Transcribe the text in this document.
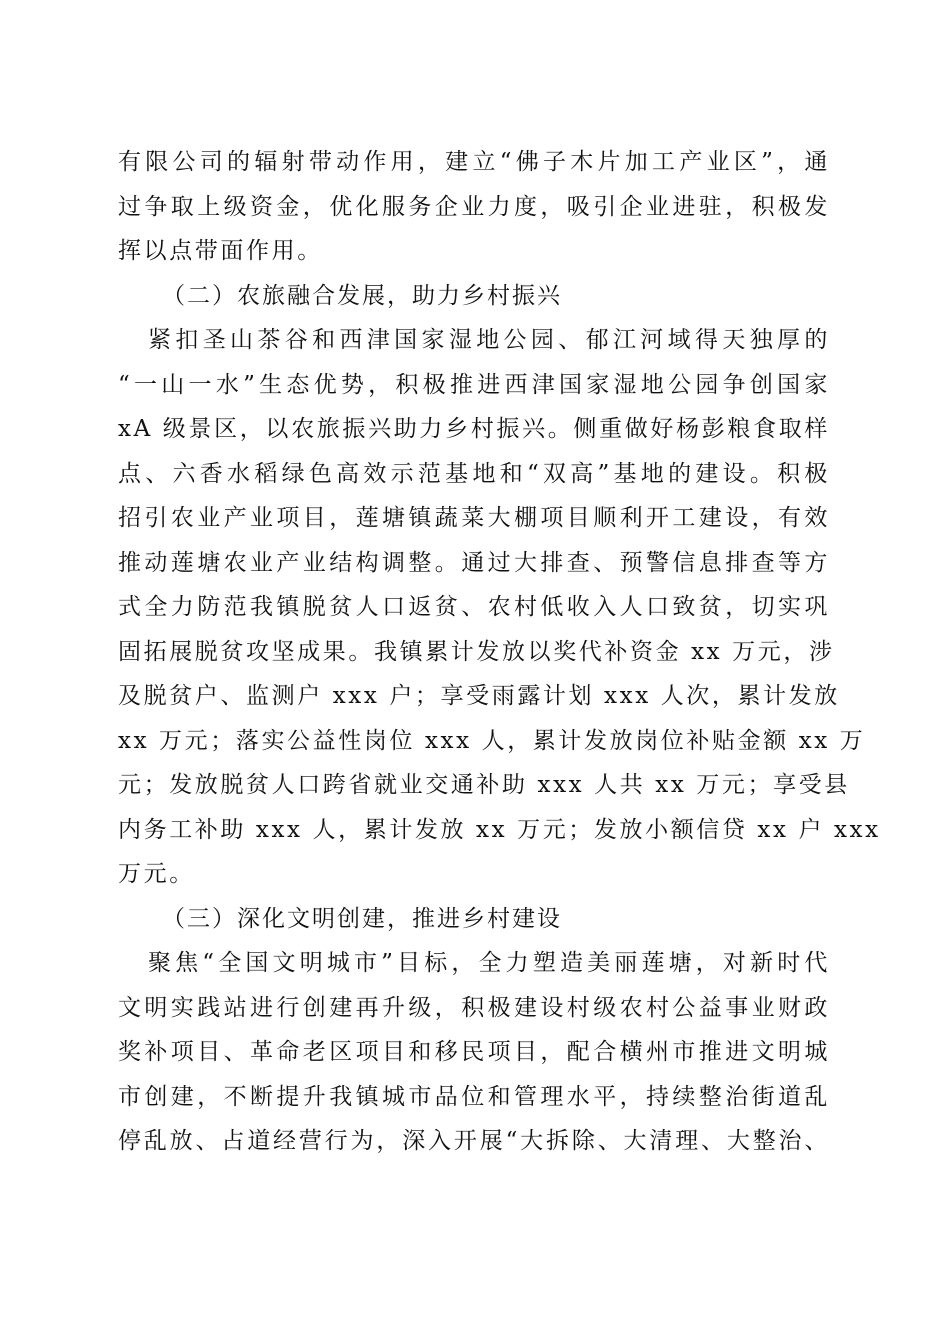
有限公司的辐射带动作用，建立“佛子木片加工产业区”，通
过争取上级资金，优化服务企业力度，吸引企业进驻，积极发
挥以点带面作用。
（二）农旅融合发展，助力乡村振兴
紧扣圣山茶谷和西津国家湿地公园、郁江河域得天独厚的
“一山一水”生态优势，积极推进西津国家湿地公园争创国家
xA 级景区，以农旅振兴助力乡村振兴。侧重做好杨彭粮食取样
点、六香水稻绿色高效示范基地和“双高”基地的建设。积极
招引农业产业项目，莲塘镇蔬菜大棚项目顺利开工建设，有效
推动莲塘农业产业结构调整。通过大排查、预警信息排查等方
式全力防范我镇脱贫人口返贫、农村低收入人口致贫，切实巩
固拓展脱贫攻坚成果。我镇累计发放以奖代补资金 xx 万元，涉
及脱贫户、监测户 xxx 户；享受雨露计划 xxx 人次，累计发放
xx 万元；落实公益性岗位 xxx 人，累计发放岗位补贴金额 xx 万
元；发放脱贫人口跨省就业交通补助 xxx 人共 xx 万元；享受县
内务工补助 xxx 人，累计发放 xx 万元；发放小额信贷 xx 户 xxx
万元。
（三）深化文明创建，推进乡村建设
聚焦“全国文明城市”目标，全力塑造美丽莲塘，对新时代
文明实践站进行创建再升级，积极建设村级农村公益事业财政
奖补项目、革命老区项目和移民项目，配合横州市推进文明城
市创建，不断提升我镇城市品位和管理水平，持续整治街道乱
停乱放、占道经营行为，深入开展“大拆除、大清理、大整治、
